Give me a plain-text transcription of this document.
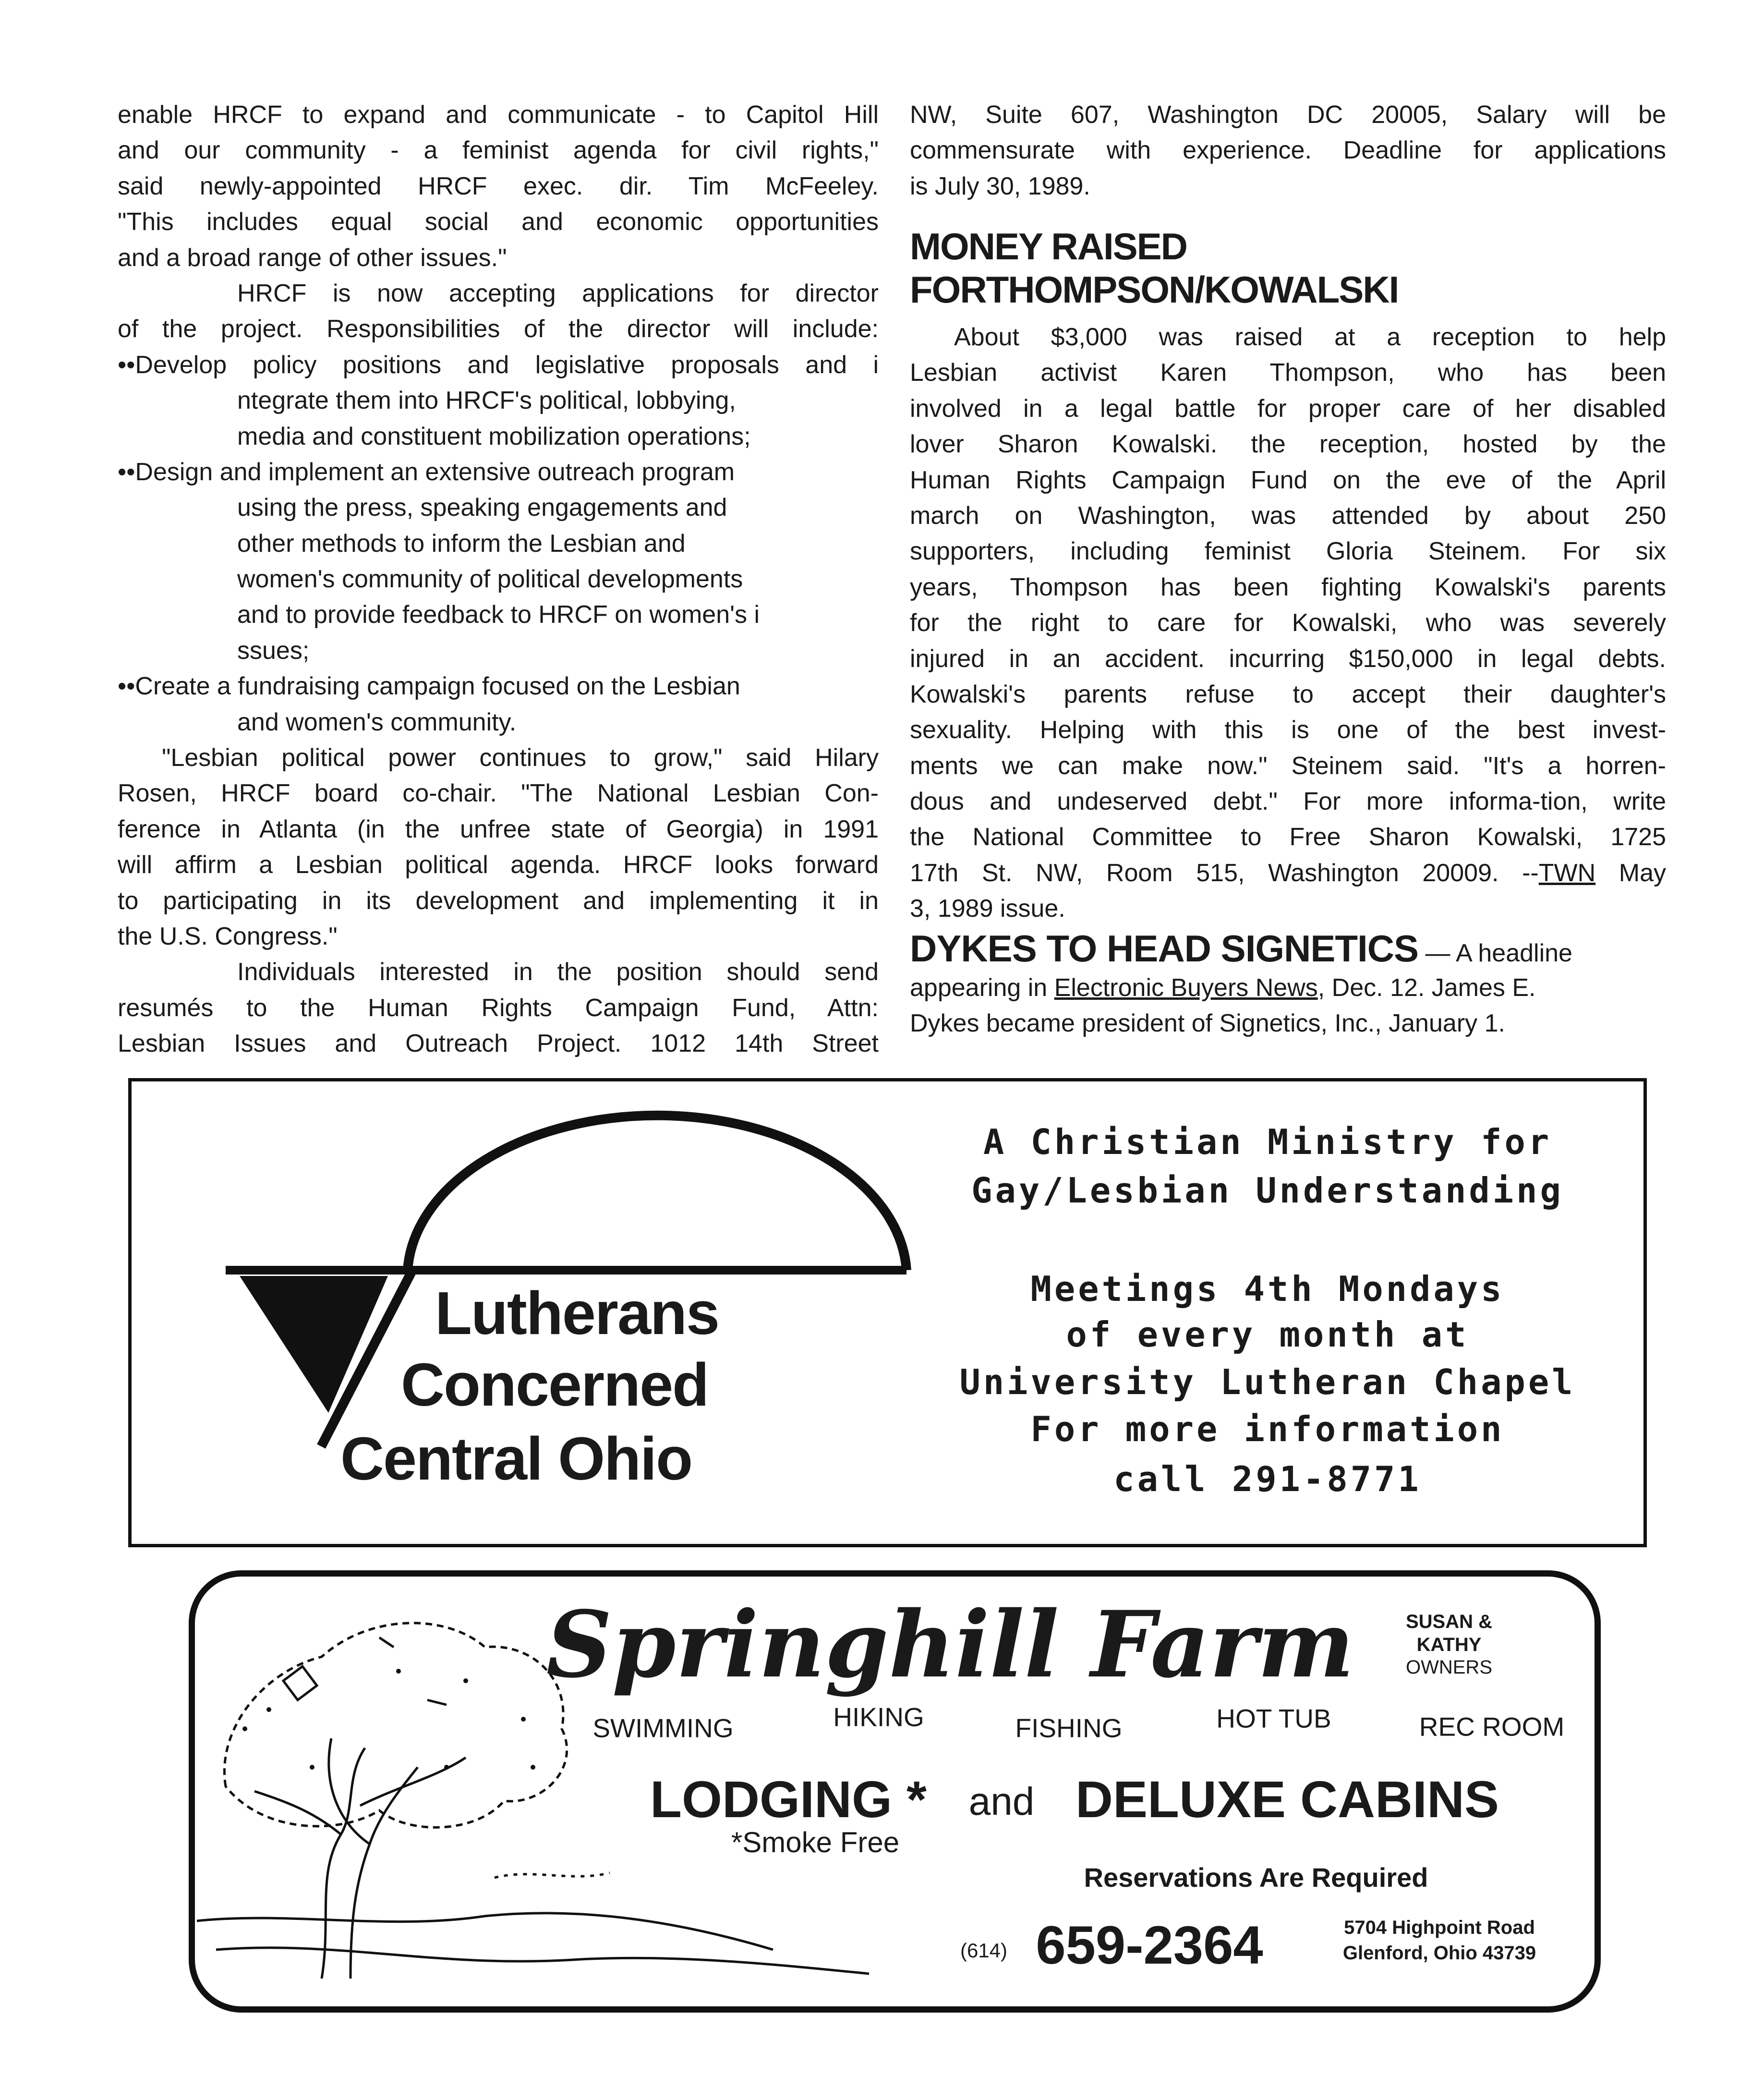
enable HRCF to expand and communicate - to Capitol Hill
and our community - a feminist agenda for civil rights,"
said newly-appointed HRCF exec. dir. Tim McFeeley.
"This includes equal social and economic opportunities
and a broad range of other issues."
HRCF is now accepting applications for director
of the project. Responsibilities of the director will include:
••Develop policy positions and legislative proposals and i
ntegrate them into HRCF's political, lobbying,
media and constituent mobilization operations;
••Design and implement an extensive outreach program
using the press, speaking engagements and
other methods to inform the Lesbian and
women's community of political developments
and to provide feedback to HRCF on women's i
ssues;
••Create a fundraising campaign focused on the Lesbian
and women's community.
"Lesbian political power continues to grow," said Hilary
Rosen, HRCF board co-chair. "The National Lesbian Con-
ference in Atlanta (in the unfree state of Georgia) in 1991
will affirm a Lesbian political agenda. HRCF looks forward
to participating in its development and implementing it in
the U.S. Congress."
Individuals interested in the position should send
resumés to the Human Rights Campaign Fund, Attn:
Lesbian Issues and Outreach Project. 1012 14th Street
NW, Suite 607, Washington DC 20005, Salary will be
commensurate with experience. Deadline for applications
is July 30, 1989.
MONEY RAISED
FORTHOMPSON/KOWALSKI
About $3,000 was raised at a reception to help
Lesbian activist Karen Thompson, who has been
involved in a legal battle for proper care of her disabled
lover Sharon Kowalski. the reception, hosted by the
Human Rights Campaign Fund on the eve of the April
march on Washington, was attended by about 250
supporters, including feminist Gloria Steinem. For six
years, Thompson has been fighting Kowalski's parents
for the right to care for Kowalski, who was severely
injured in an accident. incurring $150,000 in legal debts.
Kowalski's parents refuse to accept their daughter's
sexuality. Helping with this is one of the best invest-
ments we can make now." Steinem said. "It's a horren-
dous and undeserved debt." For more informa-tion, write
the National Committee to Free Sharon Kowalski, 1725
17th St. NW, Room 515, Washington 20009. --TWN May
3, 1989 issue.
DYKES TO HEAD SIGNETICS — A headline
appearing in Electronic Buyers News, Dec. 12. James E.
Dykes became president of Signetics, Inc., January 1.
Lutherans
Concerned
Central Ohio
A Christian Ministry for
Gay/Lesbian Understanding
Meetings 4th Mondays
of every month at
University Lutheran Chapel
For more information
call 291-8771
Springhill Farm	SUSAN &
KATHY
OWNERS
SWIMMING	HIKING	FISHING	HOT TUB	REC ROOM
LODGING * and DELUXE CABINS
*Smoke Free
Reservations Are Required
(614) 659-2364	5704 Highpoint Road
Glenford, Ohio 43739
